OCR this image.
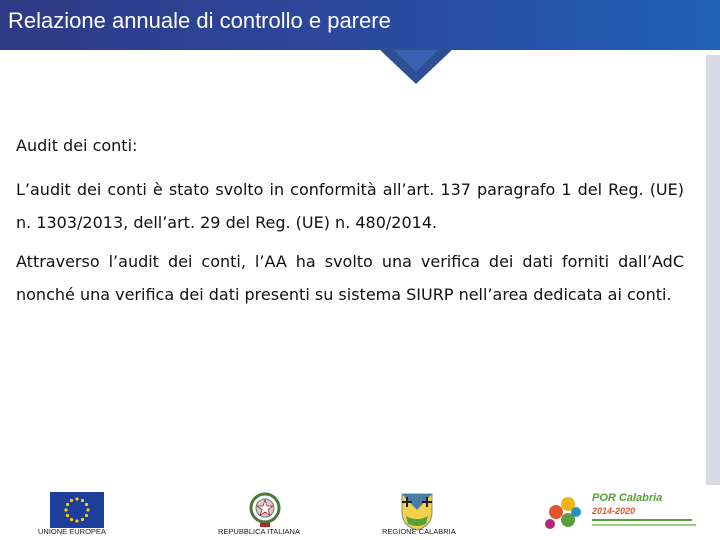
Relazione annuale di controllo e parere

Audit dei conti:

L’audit dei conti è stato svolto in conformità all’art. 137 paragrafo 1 del Reg. (UE) n. 1303/2013, dell’art. 29 del Reg. (UE) n. 480/2014.

Attraverso l’audit dei conti, l’AA ha svolto una verifica dei dati forniti dall’AdC nonché una verifica dei dati presenti su sistema SIURP nell’area dedicata ai conti.

UNIONE EUROPEA	REPUBBLICA ITALIANA	REGIONE CALABRIA
POR Calabria
2014-2020
